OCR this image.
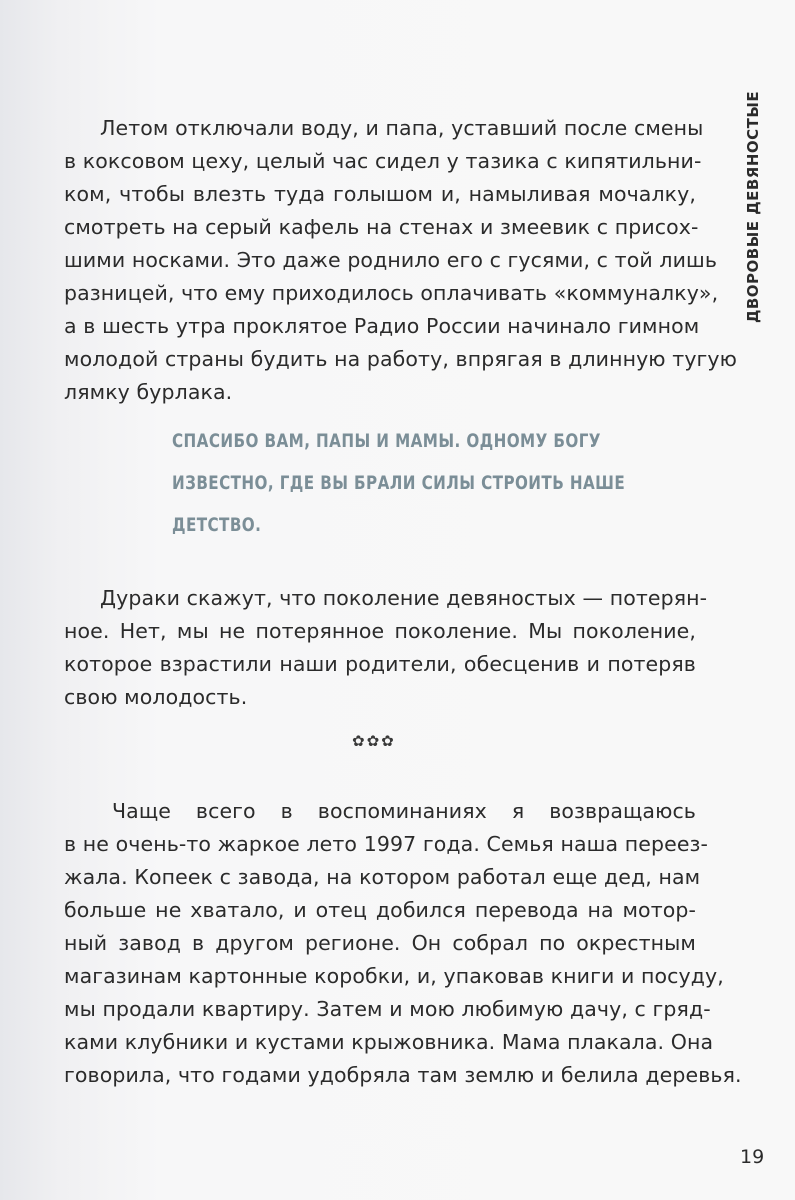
ДВОРОВЫЕ ДЕВЯНОСТЫЕ
Летом отключали воду, и папа, уставший после смены
в коксовом цеху, целый час сидел у тазика с кипятильни-
ком, чтобы влезть туда голышом и, намыливая мочалку,
смотреть на серый кафель на стенах и змеевик с присох-
шими носками. Это даже роднило его с гусями, с той лишь
разницей, что ему приходилось оплачивать «коммуналку»,
а в шесть утра проклятое Радио России начинало гимном
молодой страны будить на работу, впрягая в длинную тугую
лямку бурлака.
СПАСИБО ВАМ, ПАПЫ И МАМЫ. ОДНОМУ БОГУ
ИЗВЕСТНО, ГДЕ ВЫ БРАЛИ СИЛЫ СТРОИТЬ НАШЕ
ДЕТСТВО.
Дураки скажут, что поколение девяностых — потерян-
ное. Нет, мы не потерянное поколение. Мы поколение,
которое взрастили наши родители, обесценив и потеряв
свою молодость.
✿✿✿
Чаще всего в воспоминаниях я возвращаюсь
в не очень-то жаркое лето 1997 года. Семья наша переез-
жала. Копеек с завода, на котором работал еще дед, нам
больше не хватало, и отец добился перевода на мотор-
ный завод в другом регионе. Он собрал по окрестным
магазинам картонные коробки, и, упаковав книги и посуду,
мы продали квартиру. Затем и мою любимую дачу, с гряд-
ками клубники и кустами крыжовника. Мама плакала. Она
говорила, что годами удобряла там землю и белила деревья.
19
